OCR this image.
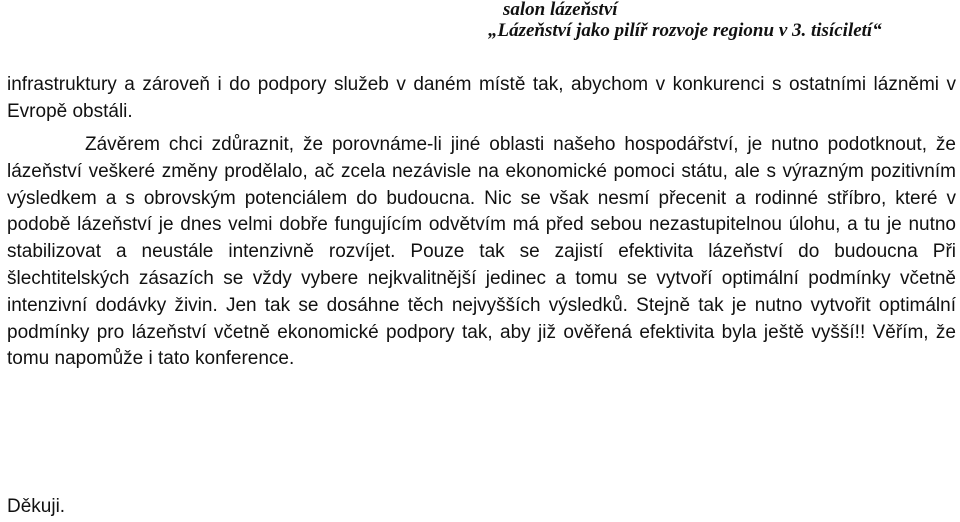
salon lázeňství
„Lázeňství jako pilíř rozvoje regionu v 3. tisíciletí“

infrastruktury a zároveň i do podpory služeb v daném místě tak, abychom v konkurenci s ostatními lázněmi v Evropě obstáli.

Závěrem chci zdůraznit, že porovnáme-li jiné oblasti našeho hospodářství, je nutno podotknout, že lázeňství veškeré změny prodělalo, ač zcela nezávisle na ekonomické pomoci státu, ale s výrazným pozitivním výsledkem a s obrovským potenciálem do budoucna. Nic se však nesmí přecenit a rodinné stříbro, které v podobě lázeňství je dnes velmi dobře fungujícím odvětvím má před sebou nezastupitelnou úlohu, a tu je nutno stabilizovat a neustále intenzivně rozvíjet. Pouze tak se zajistí efektivita lázeňství do budoucna Při šlechtitelských zásazích se vždy vybere nejkvalitnější jedinec a tomu se vytvoří optimální podmínky včetně intenzivní dodávky živin. Jen tak se dosáhne těch nejvyšších výsledků. Stejně tak je nutno vytvořit optimální podmínky pro lázeňství včetně ekonomické podpory tak, aby již ověřená efektivita byla ještě vyšší!! Věřím, že tomu napomůže i tato konference.

Děkuji.
